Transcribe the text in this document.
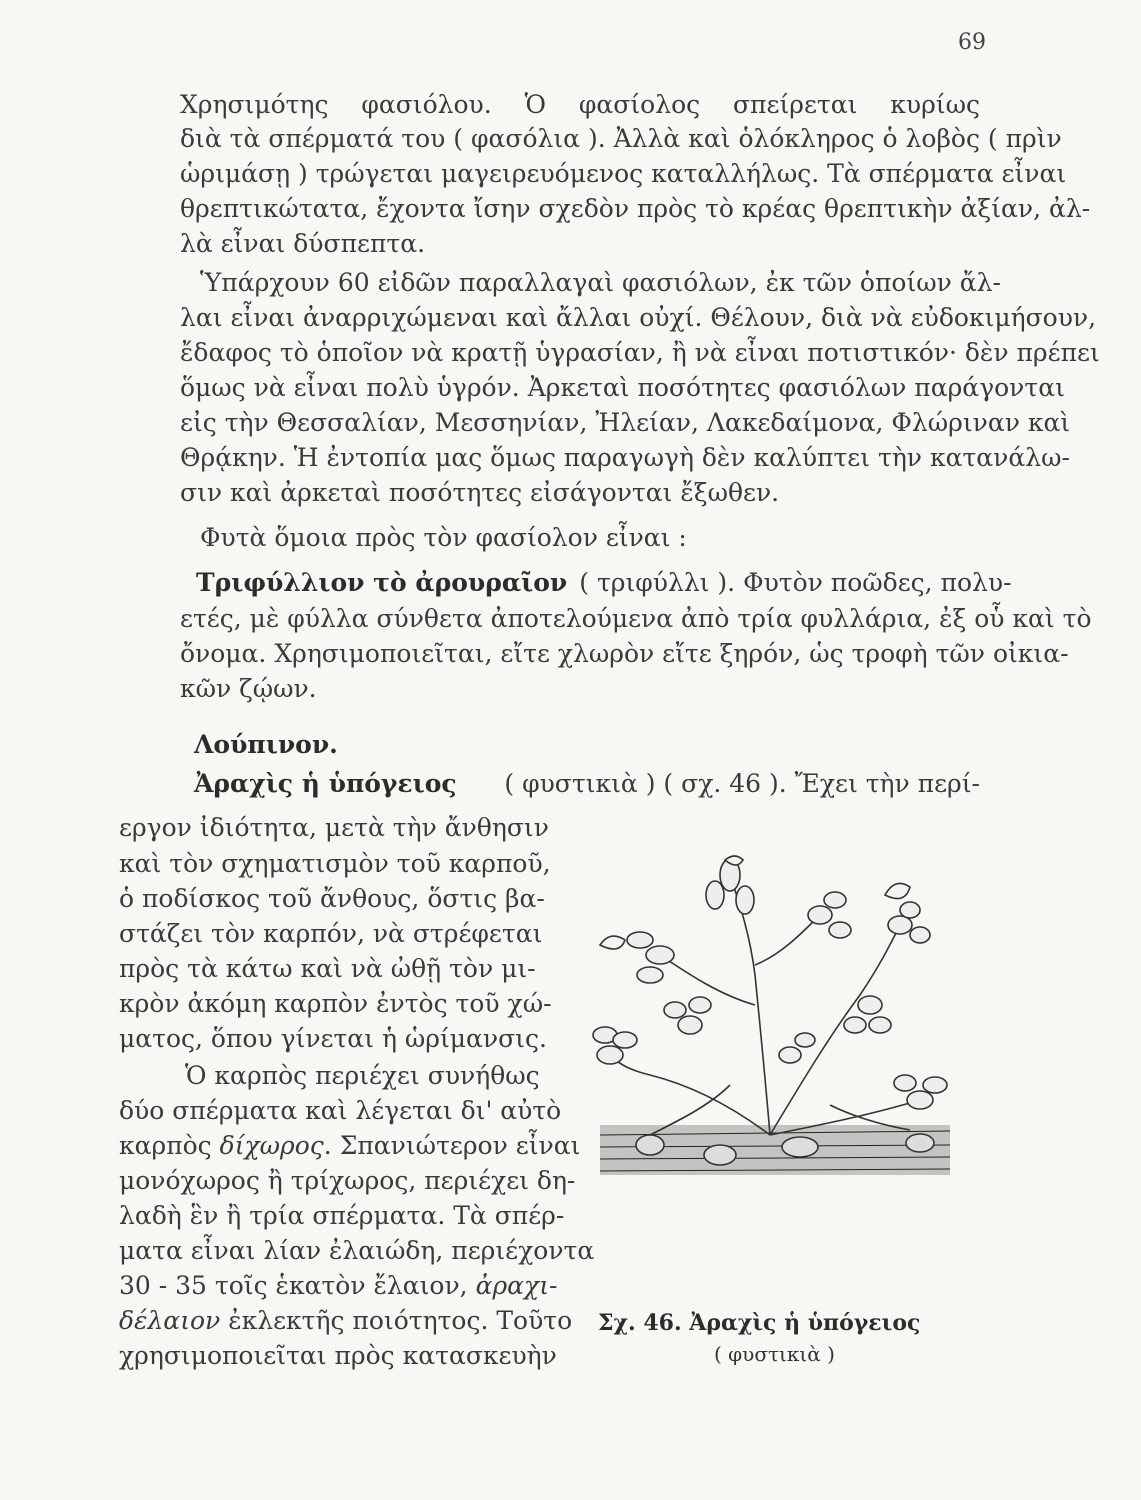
69
Χρησιμότης φασιόλου. Ὁ φασίολος σπείρεται κυρίως
διὰ τὰ σπέρματά του ( φασόλια ). Ἀλλὰ καὶ ὁλόκληρος ὁ λοβὸς ( πρὶν
ὡριμάσῃ ) τρώγεται μαγειρευόμενος καταλλήλως. Τὰ σπέρματα εἶναι
θρεπτικώτατα, ἔχοντα ἴσην σχεδὸν πρὸς τὸ κρέας θρεπτικὴν ἀξίαν, ἀλ-
λὰ εἶναι δύσπεπτα.
Ὑπάρχουν 60 εἰδῶν παραλλαγαὶ φασιόλων, ἐκ τῶν ὁποίων ἄλ-
λαι εἶναι ἀναρριχώμεναι καὶ ἄλλαι οὐχί. Θέλουν, διὰ νὰ εὐδοκιμήσουν,
ἔδαφος τὸ ὁποῖον νὰ κρατῇ ὑγρασίαν, ἢ νὰ εἶναι ποτιστικόν· δὲν πρέπει
ὅμως νὰ εἶναι πολὺ ὑγρόν. Ἀρκεταὶ ποσότητες φασιόλων παράγονται
εἰς τὴν Θεσσαλίαν, Μεσσηνίαν, Ἠλείαν, Λακεδαίμονα, Φλώριναν καὶ
Θρᾴκην. Ἡ ἐντοπία μας ὅμως παραγωγὴ δὲν καλύπτει τὴν κατανάλω-
σιν καὶ ἀρκεταὶ ποσότητες εἰσάγονται ἔξωθεν.
Φυτὰ ὅμοια πρὸς τὸν φασίολον εἶναι :
Τριφύλλιον τὸ ἀρουραῖον ( τριφύλλι ). Φυτὸν ποῶδες, πολυ-
ετές, μὲ φύλλα σύνθετα ἀποτελούμενα ἀπὸ τρία φυλλάρια, ἐξ οὗ καὶ τὸ
ὄνομα. Χρησιμοποιεῖται, εἴτε χλωρὸν εἴτε ξηρόν, ὡς τροφὴ τῶν οἰκια-
κῶν ζῴων.
Λούπινον.
Ἀραχὶς ἡ ὑπόγειος ( φυστικιὰ ) ( σχ. 46 ). Ἔχει τὴν περί-
εργον ἰδιότητα, μετὰ τὴν ἄνθησιν
καὶ τὸν σχηματισμὸν τοῦ καρποῦ,
ὁ ποδίσκος τοῦ ἄνθους, ὅστις βα-
στάζει τὸν καρπόν, νὰ στρέφεται
πρὸς τὰ κάτω καὶ νὰ ὠθῇ τὸν μι-
κρὸν ἀκόμη καρπὸν ἐντὸς τοῦ χώ-
ματος, ὅπου γίνεται ἡ ὡρίμανσις.
Ὁ καρπὸς περιέχει συνήθως
δύο σπέρματα καὶ λέγεται δι' αὐτὸ
καρπὸς δίχωρος. Σπανιώτερον εἶναι
μονόχωρος ἢ τρίχωρος, περιέχει δη-
λαδὴ ἓν ἢ τρία σπέρματα. Τὰ σπέρ-
ματα εἶναι λίαν ἐλαιώδη, περιέχοντα
30 - 35 τοῖς ἑκατὸν ἔλαιον, ἀραχι-
δέλαιον ἐκλεκτῆς ποιότητος. Τοῦτο
χρησιμοποιεῖται πρὸς κατασκευὴν
Σχ. 46. Ἀραχὶς ἡ ὑπόγειος
( φυστικιὰ )
